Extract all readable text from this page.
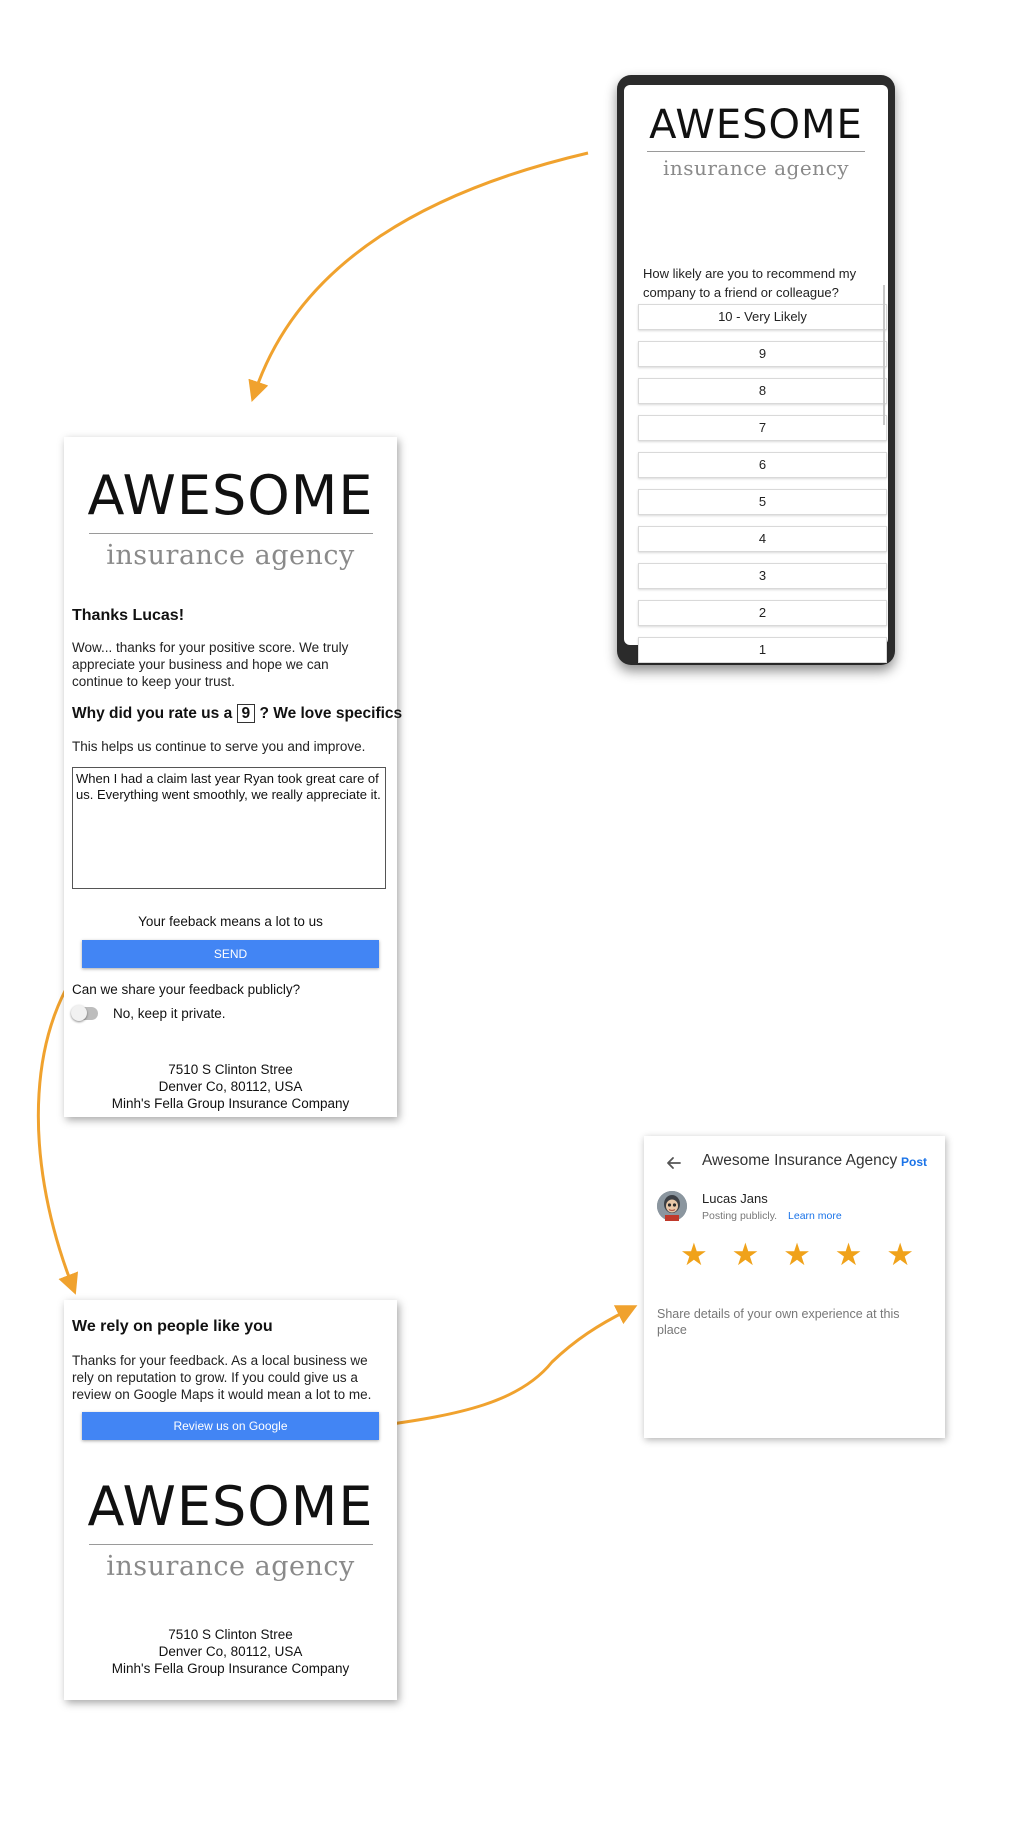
AWESOME
insurance agency
How likely are you to recommend my company to a friend or colleague?
10 - Very Likely
9
8
7
6
5
4
3
2
1
AWESOME
insurance agency
Thanks Lucas!
Wow... thanks for your positive score. We truly appreciate your business and hope we can continue to keep your trust.
Why did you rate us a 9 ? We love specifics
This helps us continue to serve you and improve.
When I had a claim last year Ryan took great care of us. Everything went smoothly, we really appreciate it.
Your feeback means a lot to us
SEND
Can we share your feedback publicly?
No, keep it private.
7510 S Clinton Stree
Denver Co, 80112, USA
Minh's Fella Group Insurance Company
We rely on people like you
Thanks for your feedback. As a local business we rely on reputation to grow. If you could give us a review on Google Maps it would mean a lot to me.
Review us on Google
AWESOME
insurance agency
7510 S Clinton Stree
Denver Co, 80112, USA
Minh's Fella Group Insurance Company
Awesome Insurance Agency Post
Lucas Jans
Posting publicly. Learn more
★ ★ ★ ★ ★
Share details of your own experience at this place
